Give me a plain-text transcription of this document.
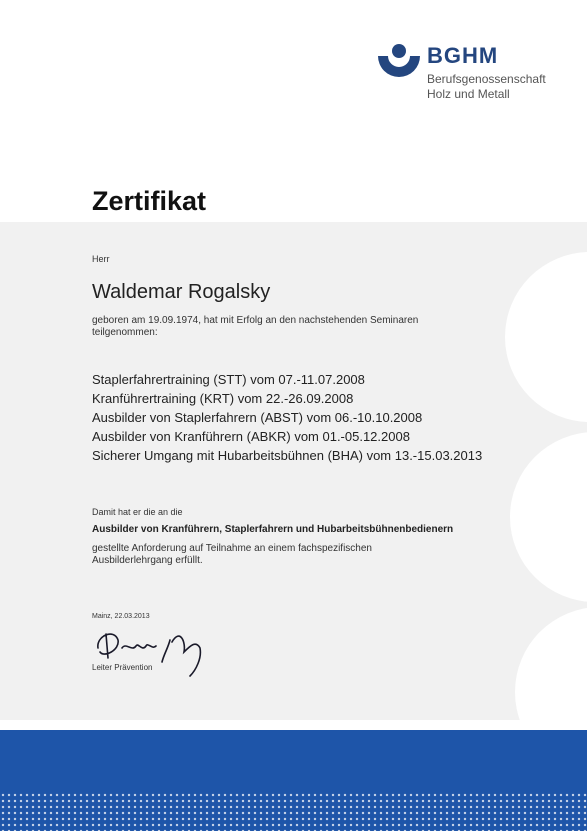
BGHM
Berufsgenossenschaft
Holz und Metall
Zertifikat

Herr

Waldemar Rogalsky

geboren am 19.09.1974, hat mit Erfolg an den nachstehenden Seminaren teilgenommen:

Staplerfahrertraining (STT) vom 07.-11.07.2008
Kranführertraining (KRT) vom 22.-26.09.2008
Ausbilder von Staplerfahrern (ABST) vom 06.-10.10.2008
Ausbilder von Kranführern (ABKR) vom 01.-05.12.2008
Sicherer Umgang mit Hubarbeitsbühnen (BHA) vom 13.-15.03.2013

Damit hat er die an die

Ausbilder von Kranführern, Staplerfahrern und Hubarbeitsbühnenbedienern

gestellte Anforderung auf Teilnahme an einem fachspezifischen Ausbilderlehrgang erfüllt.

Mainz, 22.03.2013

Leiter Prävention
